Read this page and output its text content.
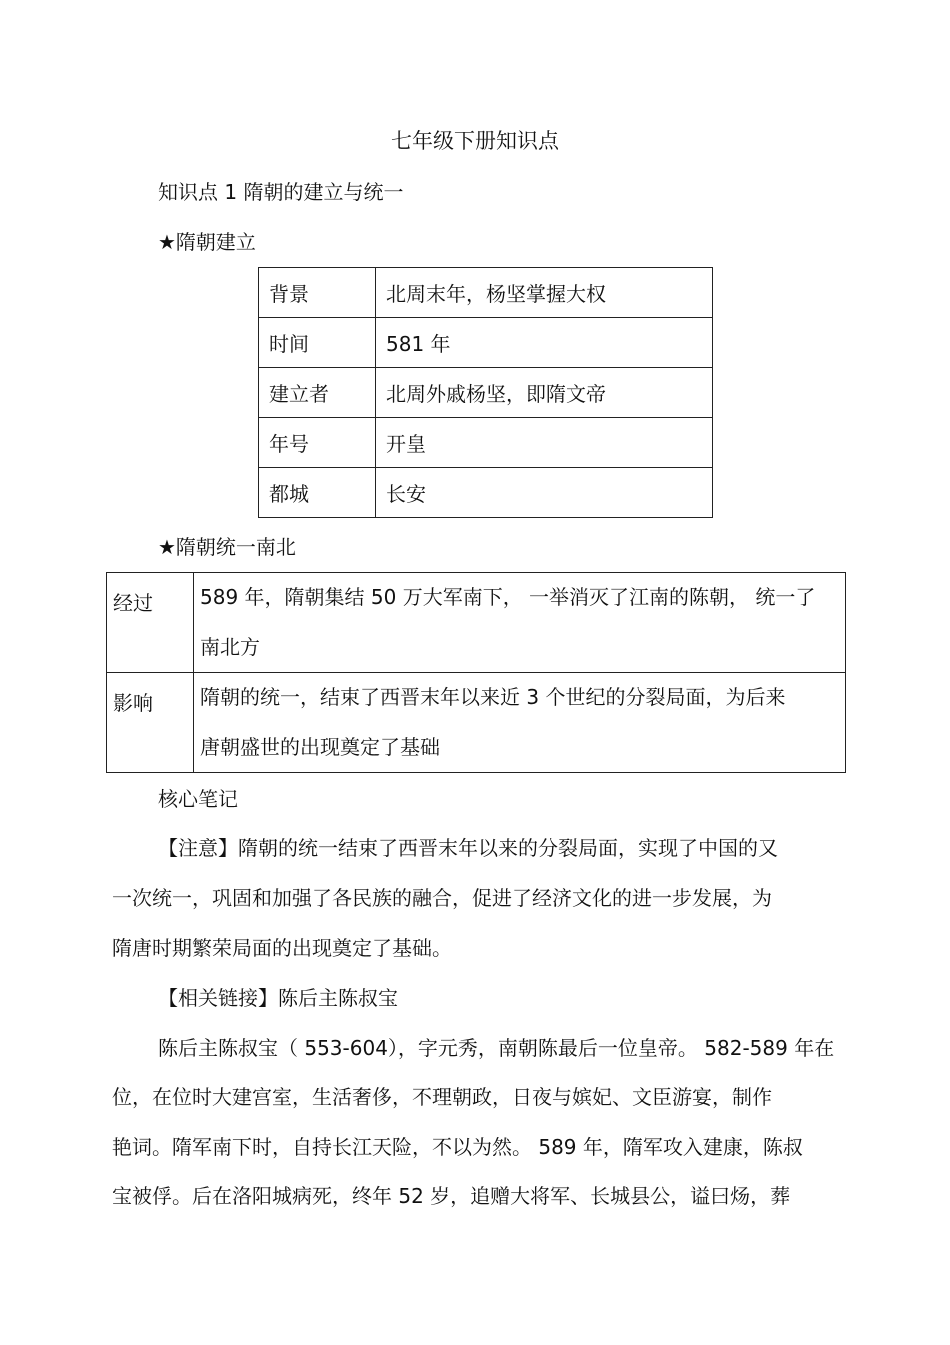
七年级下册知识点
知识点 1 隋朝的建立与统一
★隋朝建立
背景	北周末年，杨坚掌握大权
时间	581 年
建立者	北周外戚杨坚，即隋文帝
年号	开皇
都城	长安
★隋朝统一南北
经过	589 年，隋朝集结 50 万大军南下， 一举消灭了江南的陈朝， 统一了
南北方

影响	隋朝的统一，结束了西晋末年以来近 3 个世纪的分裂局面，为后来
唐朝盛世的出现奠定了基础
核心笔记
【注意】隋朝的统一结束了西晋末年以来的分裂局面，实现了中国的又
一次统一，巩固和加强了各民族的融合，促进了经济文化的进一步发展，为
隋唐时期繁荣局面的出现奠定了基础。
【相关链接】陈后主陈叔宝
陈后主陈叔宝（ 553-604），字元秀，南朝陈最后一位皇帝。 582-589 年在
位，在位时大建宫室，生活奢侈，不理朝政，日夜与嫔妃、文臣游宴，制作
艳词。隋军南下时，自持长江天险，不以为然。 589 年，隋军攻入建康，陈叔
宝被俘。后在洛阳城病死，终年 52 岁，追赠大将军、长城县公，谥曰炀，葬
